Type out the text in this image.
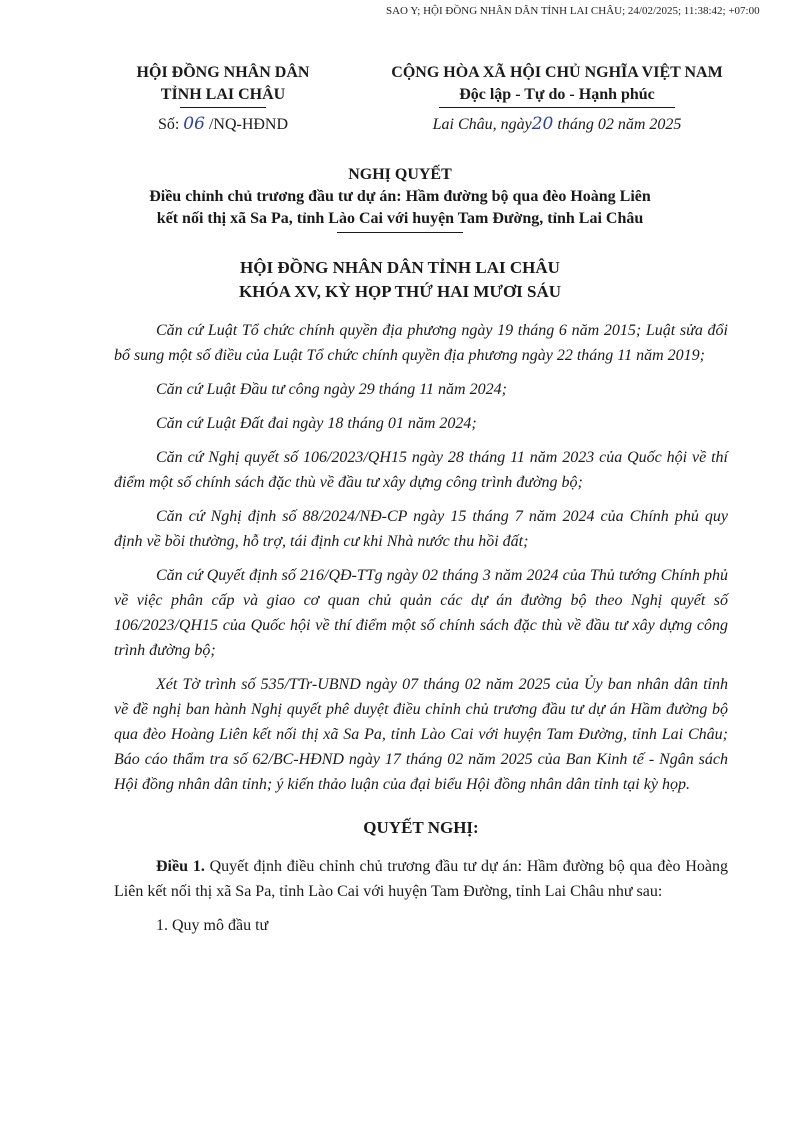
SAO Y; HỘI ĐỒNG NHÂN DÂN TỈNH LAI CHÂU; 24/02/2025; 11:38:42; +07:00
HỘI ĐỒNG NHÂN DÂN
TỈNH LAI CHÂU
CỘNG HÒA XÃ HỘI CHỦ NGHĨA VIỆT NAM
Độc lập - Tự do - Hạnh phúc
Số: 06 /NQ-HĐND	Lai Châu, ngày20 tháng 02 năm 2025
NGHỊ QUYẾT
Điều chỉnh chủ trương đầu tư dự án: Hầm đường bộ qua đèo Hoàng Liên
kết nối thị xã Sa Pa, tỉnh Lào Cai với huyện Tam Đường, tỉnh Lai Châu
HỘI ĐỒNG NHÂN DÂN TỈNH LAI CHÂU
KHÓA XV, KỲ HỌP THỨ HAI MƯƠI SÁU

Căn cứ Luật Tổ chức chính quyền địa phương ngày 19 tháng 6 năm 2015; Luật sửa đổi bổ sung một số điều của Luật Tổ chức chính quyền địa phương ngày 22 tháng 11 năm 2019;

Căn cứ Luật Đầu tư công ngày 29 tháng 11 năm 2024;

Căn cứ Luật Đất đai ngày 18 tháng 01 năm 2024;

Căn cứ Nghị quyết số 106/2023/QH15 ngày 28 tháng 11 năm 2023 của Quốc hội về thí điểm một số chính sách đặc thù về đầu tư xây dựng công trình đường bộ;

Căn cứ Nghị định số 88/2024/NĐ-CP ngày 15 tháng 7 năm 2024 của Chính phủ quy định về bồi thường, hỗ trợ, tái định cư khi Nhà nước thu hồi đất;

Căn cứ Quyết định số 216/QĐ-TTg ngày 02 tháng 3 năm 2024 của Thủ tướng Chính phủ về việc phân cấp và giao cơ quan chủ quản các dự án đường bộ theo Nghị quyết số 106/2023/QH15 của Quốc hội về thí điểm một số chính sách đặc thù về đầu tư xây dựng công trình đường bộ;

Xét Tờ trình số 535/TTr-UBND ngày 07 tháng 02 năm 2025 của Ủy ban nhân dân tỉnh về đề nghị ban hành Nghị quyết phê duyệt điều chỉnh chủ trương đầu tư dự án Hầm đường bộ qua đèo Hoàng Liên kết nối thị xã Sa Pa, tỉnh Lào Cai với huyện Tam Đường, tỉnh Lai Châu; Báo cáo thẩm tra số 62/BC-HĐND ngày 17 tháng 02 năm 2025 của Ban Kinh tế - Ngân sách Hội đồng nhân dân tỉnh; ý kiến thảo luận của đại biểu Hội đồng nhân dân tỉnh tại kỳ họp.

QUYẾT NGHỊ:

Điều 1. Quyết định điều chỉnh chủ trương đầu tư dự án: Hầm đường bộ qua đèo Hoàng Liên kết nối thị xã Sa Pa, tỉnh Lào Cai với huyện Tam Đường, tỉnh Lai Châu như sau:

1. Quy mô đầu tư
